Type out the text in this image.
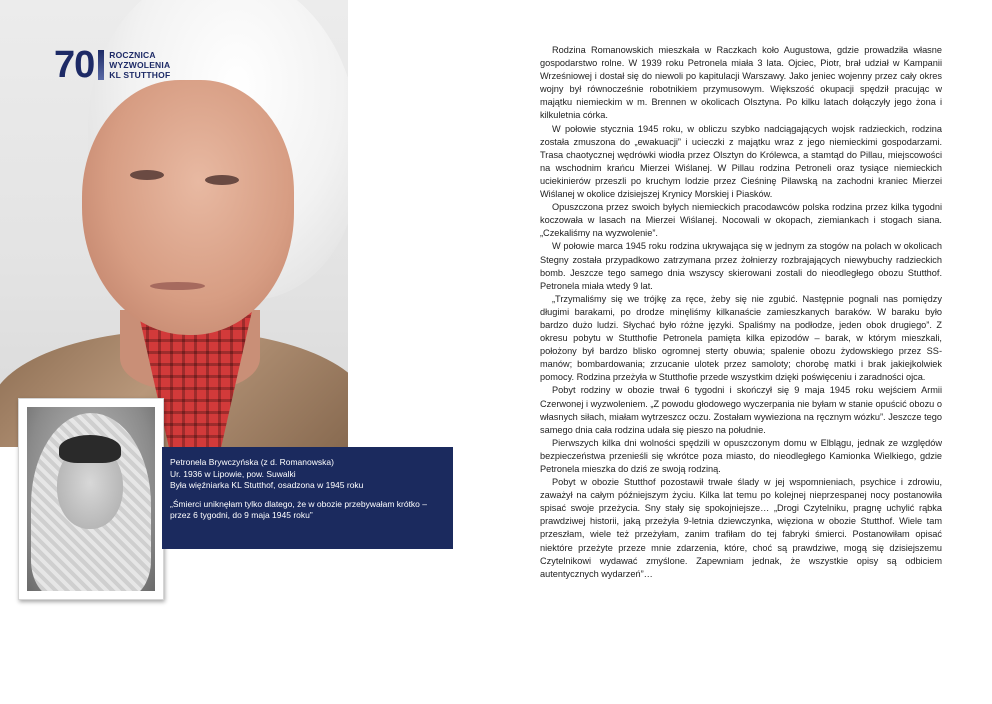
70 ROCZNICA
WYZWOLENIA
KL STUTTHOF

Petronela Brywczyńska (z d. Romanowska)

Ur. 1936 w Lipowie, pow. Suwalki

Była więźniarka KL Stutthof, osadzona w 1945 roku

„Śmierci uniknęłam tylko dlatego, że w obozie przebywałam krótko – przez 6 tygodni, do 9 maja 1945 roku”

Rodzina Romanowskich mieszkała w Raczkach koło Augustowa, gdzie prowadziła własne gospodarstwo rolne. W 1939 roku Petronela miała 3 lata. Ojciec, Piotr, brał udział w Kampanii Wrześniowej i dostał się do niewoli po kapitulacji Warszawy. Jako jeniec wojenny przez cały okres wojny był równocześnie robotnikiem przymusowym. Większość okupacji spędził pracując w majątku niemieckim w m. Brennen w okolicach Olsztyna. Po kilku latach dołączyły jego żona i kilkuletnia córka.

W połowie stycznia 1945 roku, w obliczu szybko nadciągających wojsk radzieckich, rodzina została zmuszona do „ewakuacji” i ucieczki z majątku wraz z jego niemieckimi gospodarzami. Trasa chaotycznej wędrówki wiodła przez Olsztyn do Królewca, a stamtąd do Pillau, miejscowości na wschodnim krańcu Mierzei Wiślanej. W Pillau rodzina Petroneli oraz tysiące niemieckich uciekinierów przeszli po kruchym lodzie przez Cieśninę Pilawską na zachodni kraniec Mierzei Wiślanej w okolice dzisiejszej Krynicy Morskiej i Piasków.

Opuszczona przez swoich byłych niemieckich pracodawców polska rodzina przez kilka tygodni koczowała w lasach na Mierzei Wiślanej. Nocowali w okopach, ziemiankach i stogach siana. „Czekaliśmy na wyzwolenie”.

W połowie marca 1945 roku rodzina ukrywająca się w jednym za stogów na polach w okolicach Stegny została przypadkowo zatrzymana przez żołnierzy rozbrajających niewybuchy radzieckich bomb. Jeszcze tego samego dnia wszyscy skierowani zostali do nieodległego obozu Stutthof. Petronela miała wtedy 9 lat.

„Trzymaliśmy się we trójkę za ręce, żeby się nie zgubić. Następnie pognali nas pomiędzy długimi barakami, po drodze minęliśmy kilkanaście zamieszkanych baraków. W baraku było bardzo dużo ludzi. Słychać było różne języki. Spaliśmy na podłodze, jeden obok drugiego”. Z okresu pobytu w Stutthofie Petronela pamięta kilka epizodów – barak, w którym mieszkali, położony był bardzo blisko ogromnej sterty obuwia; spalenie obozu żydowskiego przez SS-manów; bombardowania; zrzucanie ulotek przez samoloty; chorobę matki i brak jakiejkolwiek pomocy. Rodzina przeżyła w Stutthofie przede wszystkim dzięki poświęceniu i zaradności ojca.

Pobyt rodziny w obozie trwał 6 tygodni i skończył się 9 maja 1945 roku wejściem Armii Czerwonej i wyzwoleniem. „Z powodu głodowego wyczerpania nie byłam w stanie opuścić obozu o własnych siłach, miałam wytrzeszcz oczu. Zostałam wywieziona na ręcznym wózku”. Jeszcze tego samego dnia cała rodzina udała się pieszo na południe.

Pierwszych kilka dni wolności spędzili w opuszczonym domu w Elblągu, jednak ze względów bezpieczeństwa przenieśli się wkrótce poza miasto, do nieodległego Kamionka Wielkiego, gdzie Petronela mieszka do dziś ze swoją rodziną.

Pobyt w obozie Stutthof pozostawił trwałe ślady w jej wspomnieniach, psychice i zdrowiu, zaważył na całym późniejszym życiu. Kilka lat temu po kolejnej nieprzespanej nocy postanowiła spisać swoje przeżycia. Sny stały się spokojniejsze… „Drogi Czytelniku, pragnę uchylić rąbka prawdziwej historii, jaką przeżyła 9-letnia dziewczynka, więziona w obozie Stutthof. Wiele tam przeszłam, wiele też przeżyłam, zanim trafiłam do tej fabryki śmierci. Postanowiłam opisać niektóre przeżyte przeze mnie zdarzenia, które, choć są prawdziwe, mogą się dzisiejszemu Czytelnikowi wydawać zmyślone. Zapewniam jednak, że wszystkie opisy są odbiciem autentycznych wydarzeń”…
